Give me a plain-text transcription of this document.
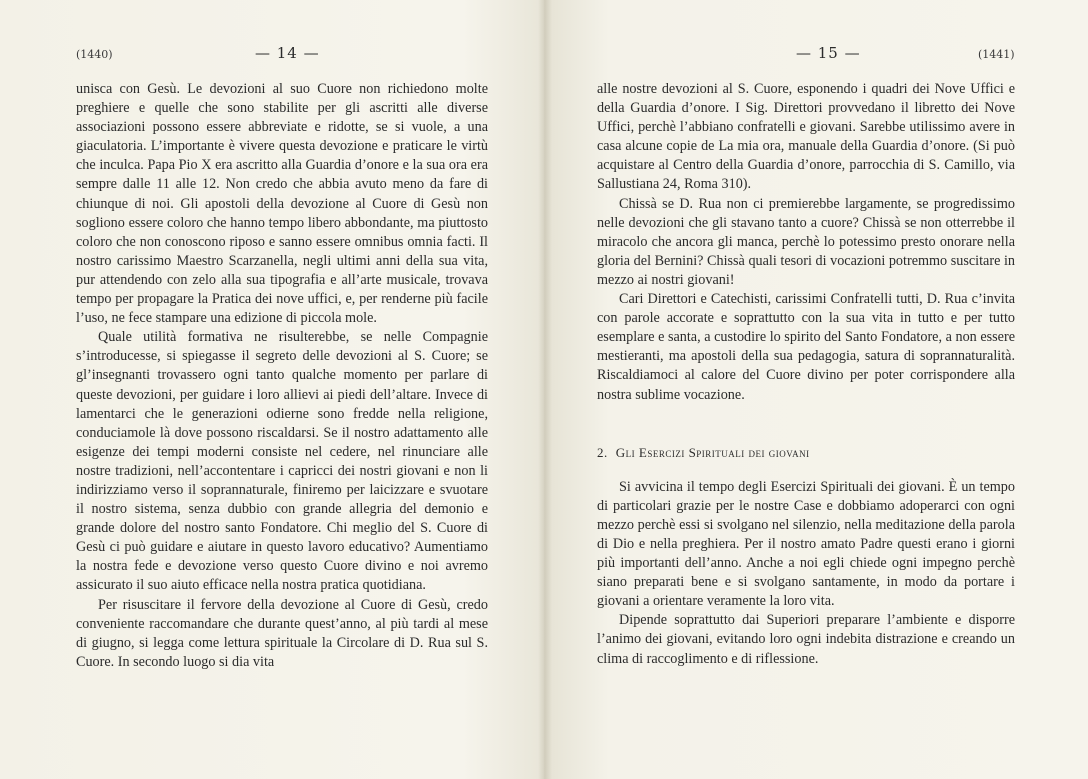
(1440)	— 14 —

unisca con Gesù. Le devozioni al suo Cuore non richiedono molte preghiere e quelle che sono stabilite per gli ascritti alle diverse associazioni possono essere abbreviate e ridotte, se si vuole, a una giaculatoria. L’importante è vivere questa devozione e praticare le virtù che inculca. Papa Pio X era ascritto alla Guardia d’onore e la sua ora era sempre dalle 11 alle 12. Non credo che abbia avuto meno da fare di chiunque di noi. Gli apostoli della devozione al Cuore di Gesù non sogliono essere coloro che hanno tempo libero abbondante, ma piuttosto coloro che non conoscono riposo e sanno essere omnibus omnia facti. Il nostro carissimo Maestro Scarzanella, negli ultimi anni della sua vita, pur attendendo con zelo alla sua tipografia e all’arte musicale, trovava tempo per propagare la Pratica dei nove uffici, e, per renderne più facile l’uso, ne fece stampare una edizione di piccola mole.

Quale utilità formativa ne risulterebbe, se nelle Compagnie s’introducesse, si spiegasse il segreto delle devozioni al S. Cuore; se gl’insegnanti trovassero ogni tanto qualche momento per parlare di queste devozioni, per guidare i loro allievi ai piedi dell’altare. Invece di lamentarci che le generazioni odierne sono fredde nella religione, conduciamole là dove possono riscaldarsi. Se il nostro adattamento alle esigenze dei tempi moderni consiste nel cedere, nel rinunciare alle nostre tradizioni, nell’accontentare i capricci dei nostri giovani e non li indirizziamo verso il soprannaturale, finiremo per laicizzare e svuotare il nostro sistema, senza dubbio con grande allegria del demonio e grande dolore del nostro santo Fondatore. Chi meglio del S. Cuore di Gesù ci può guidare e aiutare in questo lavoro educativo? Aumentiamo la nostra fede e devozione verso questo Cuore divino e noi avremo assicurato il suo aiuto efficace nella nostra pratica quotidiana.

Per risuscitare il fervore della devozione al Cuore di Gesù, credo conveniente raccomandare che durante quest’anno, al più tardi al mese di giugno, si legga come lettura spirituale la Circolare di D. Rua sul S. Cuore. In secondo luogo si dia vita

— 15 —	(1441)

alle nostre devozioni al S. Cuore, esponendo i quadri dei Nove Uffici e della Guardia d’onore. I Sig. Direttori provvedano il libretto dei Nove Uffici, perchè l’abbiano confratelli e giovani. Sarebbe utilissimo avere in casa alcune copie de La mia ora, manuale della Guardia d’onore. (Si può acquistare al Centro della Guardia d’onore, parrocchia di S. Camillo, via Sallustiana 24, Roma 310).

Chissà se D. Rua non ci premierebbe largamente, se progredissimo nelle devozioni che gli stavano tanto a cuore? Chissà se non otterrebbe il miracolo che ancora gli manca, perchè lo potessimo presto onorare nella gloria del Bernini? Chissà quali tesori di vocazioni potremmo suscitare in mezzo ai nostri giovani!

Cari Direttori e Catechisti, carissimi Confratelli tutti, D. Rua c’invita con parole accorate e soprattutto con la sua vita in tutto e per tutto esemplare e santa, a custodire lo spirito del Santo Fondatore, a non essere mestieranti, ma apostoli della sua pedagogia, satura di soprannaturalità. Riscaldiamoci al calore del Cuore divino per poter corrispondere alla nostra sublime vocazione.

2. Gli Esercizi Spirituali dei giovani

Si avvicina il tempo degli Esercizi Spirituali dei giovani. È un tempo di particolari grazie per le nostre Case e dobbiamo adoperarci con ogni mezzo perchè essi si svolgano nel silenzio, nella meditazione della parola di Dio e nella preghiera. Per il nostro amato Padre questi erano i giorni più importanti dell’anno. Anche a noi egli chiede ogni impegno perchè siano preparati bene e si svolgano santamente, in modo da portare i giovani a orientare veramente la loro vita.

Dipende soprattutto dai Superiori preparare l’ambiente e disporre l’animo dei giovani, evitando loro ogni indebita distrazione e creando un clima di raccoglimento e di riflessione.
